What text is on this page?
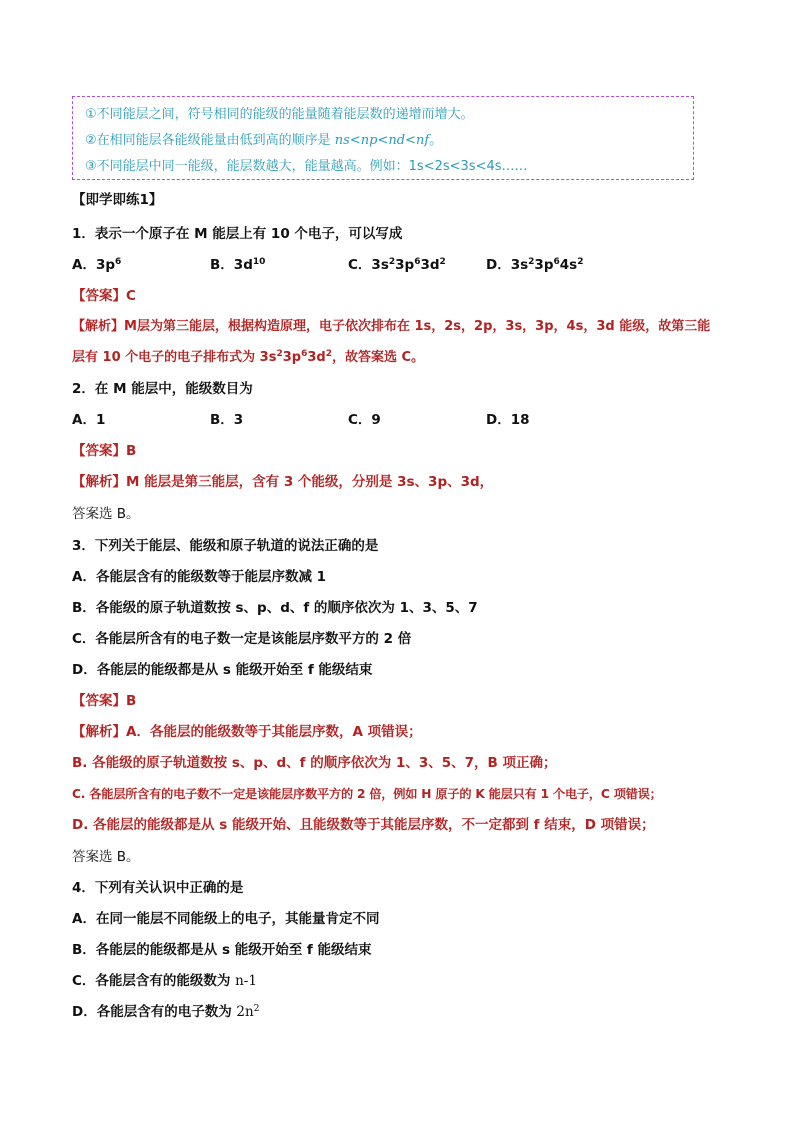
①不同能层之间，符号相同的能级的能量随着能层数的递增而增大。
②在相同能层各能级能量由低到高的顺序是 ns<np<nd<nf。
③不同能层中同一能级，能层数越大，能量越高。例如：1s<2s<3s<4s……
【即学即练1】
1．表示一个原子在 M 能层上有 10 个电子，可以写成
A．$3p^6$	B．$3d^{10}$	C．$3s^23p^63d^2$	D．$3s^23p^64s^2$
【答案】C
【解析】M层为第三能层，根据构造原理，电子依次排布在 1s，2s，2p，3s，3p，4s，3d 能级，故第三能
层有 10 个电子的电子排布式为 $3s^23p^63d^2$，故答案选 C。
2．在 M 能层中，能级数目为
A．1	B．3	C．9	D．18
【答案】B
【解析】M 能层是第三能层，含有 3 个能级，分别是 3s、3p、3d，
答案选 B。
3．下列关于能层、能级和原子轨道的说法正确的是
A．各能层含有的能级数等于能层序数减 1
B．各能级的原子轨道数按 s、p、d、f 的顺序依次为 1、3、5、7
C．各能层所含有的电子数一定是该能层序数平方的 2 倍
D．各能层的能级都是从 s 能级开始至 f 能级结束
【答案】B
【解析】A．各能层的能级数等于其能层序数，A 项错误；
B. 各能级的原子轨道数按 s、p、d、f 的顺序依次为 1、3、5、7，B 项正确；
C. 各能层所含有的电子数不一定是该能层序数平方的 2 倍，例如 H 原子的 K 能层只有 1 个电子，C 项错误；
D. 各能层的能级都是从 s 能级开始、且能级数等于其能层序数，不一定都到 f 结束，D 项错误；
答案选 B。
4．下列有关认识中正确的是
A．在同一能层不同能级上的电子，其能量肯定不同
B．各能层的能级都是从 s 能级开始至 f 能级结束
C．各能层含有的能级数为 n-1
D．各能层含有的电子数为 $2n^2$
